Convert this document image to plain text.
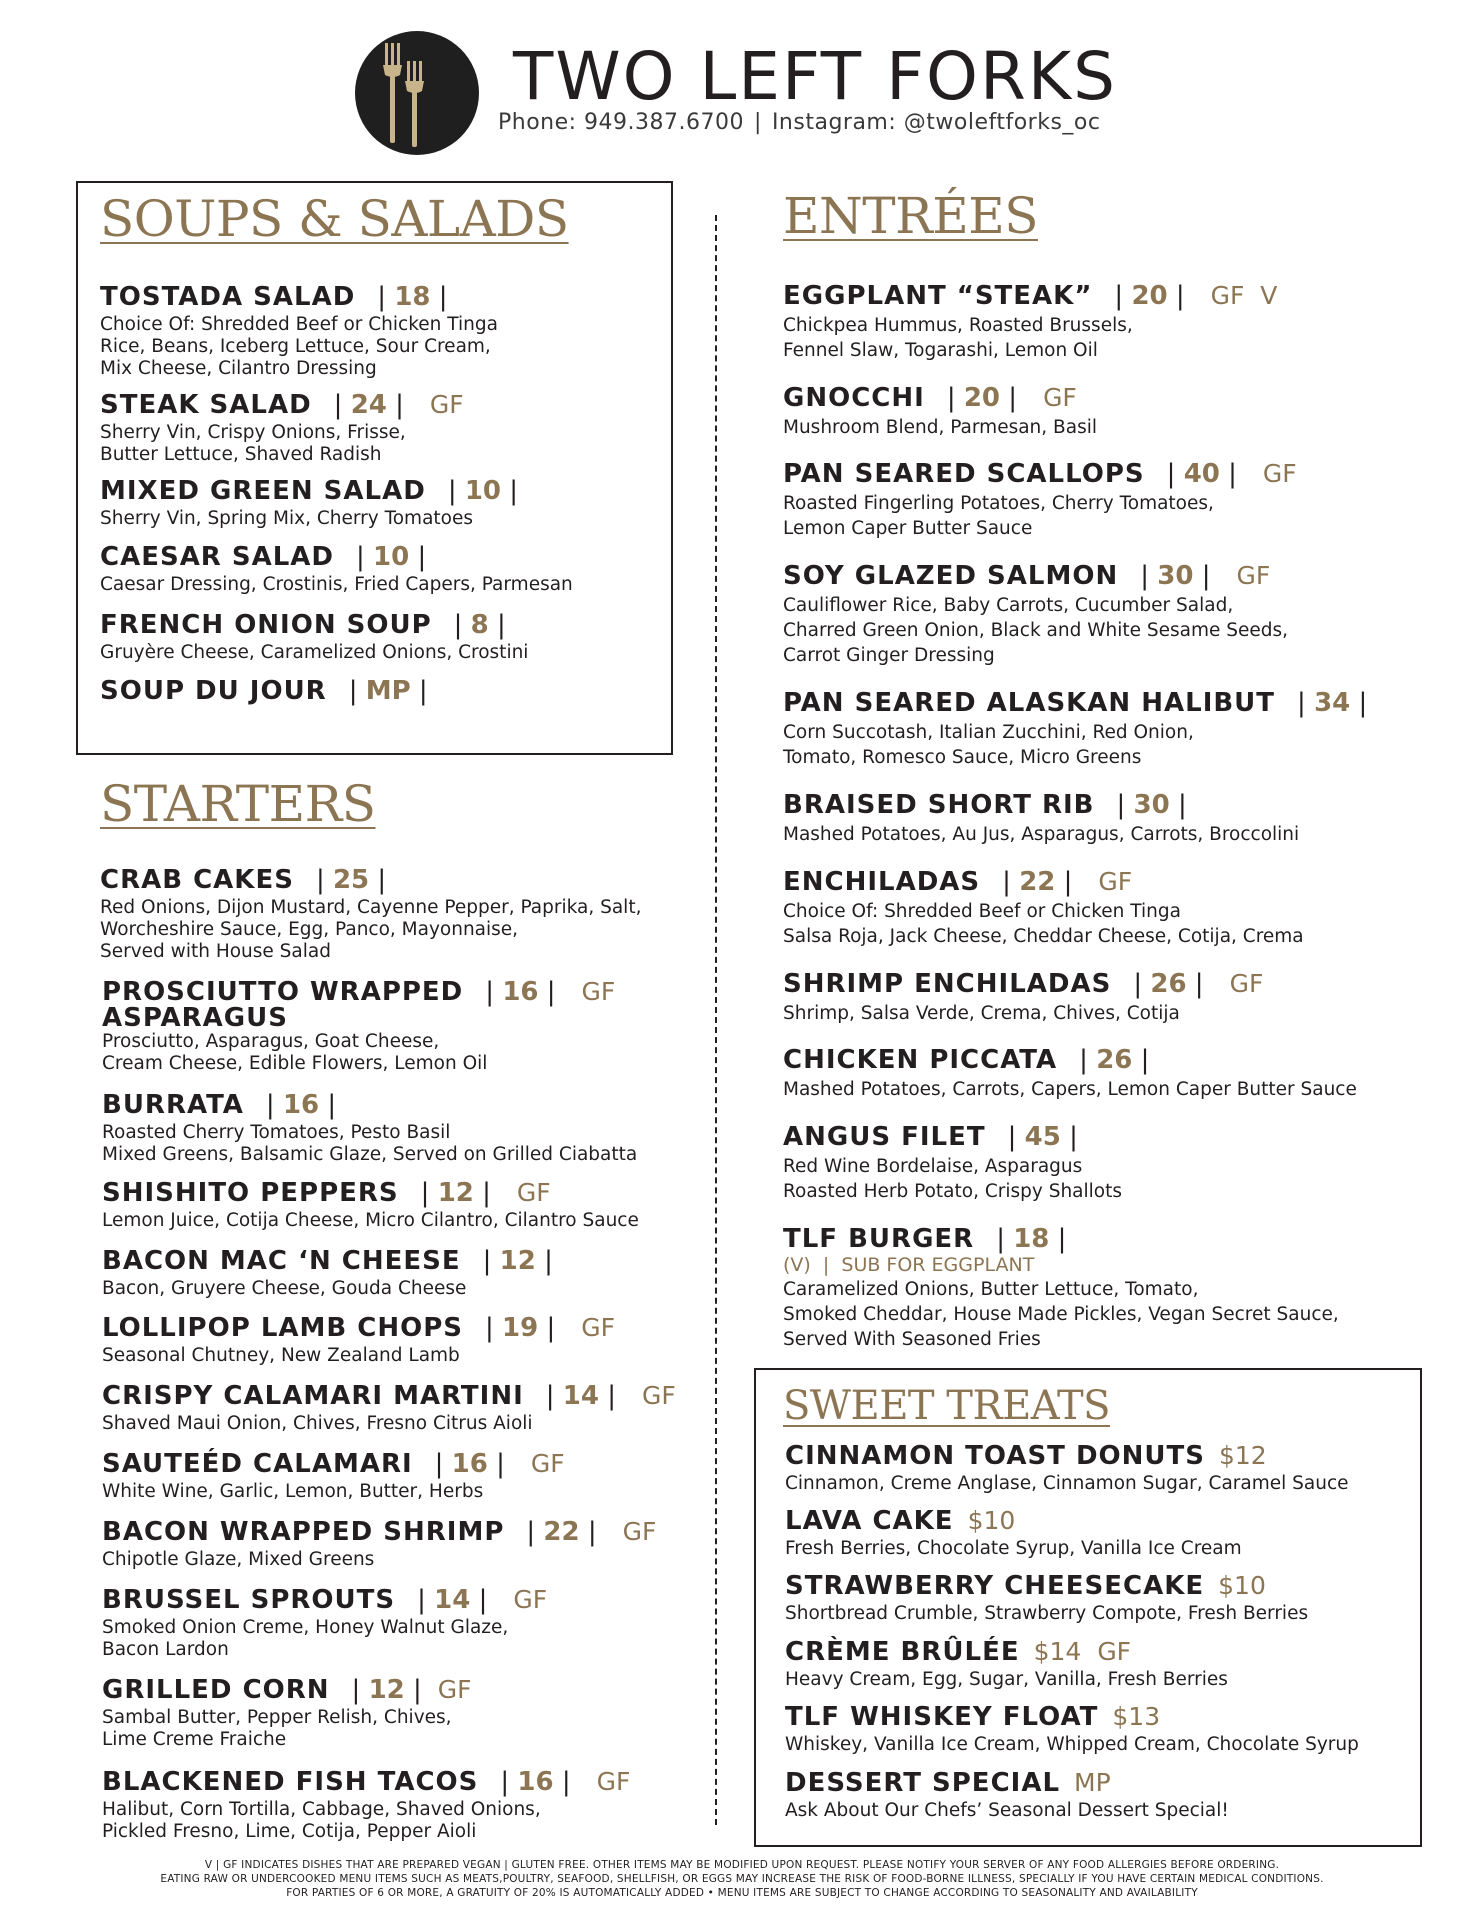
TWO LEFT FORKS
Phone: 949.387.6700 | Instagram: @twoleftforks_oc
SOUPS & SALADS
STARTERS
ENTRÉES
SWEET TREATS
TOSTADA SALAD | 18 |
Choice Of: Shredded Beef or Chicken Tinga
Rice, Beans, Iceberg Lettuce, Sour Cream,
Mix Cheese, Cilantro Dressing
STEAK SALAD | 24 | GF
Sherry Vin, Crispy Onions, Frisse,
Butter Lettuce, Shaved Radish
MIXED GREEN SALAD | 10 |
Sherry Vin, Spring Mix, Cherry Tomatoes
CAESAR SALAD | 10 |
Caesar Dressing, Crostinis, Fried Capers, Parmesan
FRENCH ONION SOUP | 8 |
Gruyère Cheese, Caramelized Onions, Crostini
SOUP DU JOUR | MP |
CRAB CAKES | 25 |
Red Onions, Dijon Mustard, Cayenne Pepper, Paprika, Salt,
Worcheshire Sauce, Egg, Panco, Mayonnaise,
Served with House Salad
PROSCIUTTO WRAPPED | 16 | GF
ASPARAGUS
Prosciutto, Asparagus, Goat Cheese,
Cream Cheese, Edible Flowers, Lemon Oil
BURRATA | 16 |
Roasted Cherry Tomatoes, Pesto Basil
Mixed Greens, Balsamic Glaze, Served on Grilled Ciabatta
SHISHITO PEPPERS | 12 | GF
Lemon Juice, Cotija Cheese, Micro Cilantro, Cilantro Sauce
BACON MAC ‘N CHEESE | 12 |
Bacon, Gruyere Cheese, Gouda Cheese
LOLLIPOP LAMB CHOPS | 19 | GF
Seasonal Chutney, New Zealand Lamb
CRISPY CALAMARI MARTINI | 14 | GF
Shaved Maui Onion, Chives, Fresno Citrus Aioli
SAUTEÉD CALAMARI | 16 | GF
White Wine, Garlic, Lemon, Butter, Herbs
BACON WRAPPED SHRIMP | 22 | GF
Chipotle Glaze, Mixed Greens
BRUSSEL SPROUTS | 14 | GF
Smoked Onion Creme, Honey Walnut Glaze,
Bacon Lardon
GRILLED CORN | 12 | GF
Sambal Butter, Pepper Relish, Chives,
Lime Creme Fraiche
BLACKENED FISH TACOS | 16 | GF
Halibut, Corn Tortilla, Cabbage, Shaved Onions,
Pickled Fresno, Lime, Cotija, Pepper Aioli
EGGPLANT “STEAK” | 20 | GF  V
Chickpea Hummus, Roasted Brussels,
Fennel Slaw, Togarashi, Lemon Oil
GNOCCHI | 20 | GF
Mushroom Blend, Parmesan, Basil
PAN SEARED SCALLOPS | 40 | GF
Roasted Fingerling Potatoes, Cherry Tomatoes,
Lemon Caper Butter Sauce
SOY GLAZED SALMON | 30 | GF
Cauliflower Rice, Baby Carrots, Cucumber Salad,
Charred Green Onion, Black and White Sesame Seeds,
Carrot Ginger Dressing
PAN SEARED ALASKAN HALIBUT | 34 |
Corn Succotash, Italian Zucchini, Red Onion,
Tomato, Romesco Sauce, Micro Greens
BRAISED SHORT RIB | 30 |
Mashed Potatoes, Au Jus, Asparagus, Carrots, Broccolini
ENCHILADAS | 22 | GF
Choice Of: Shredded Beef or Chicken Tinga
Salsa Roja, Jack Cheese, Cheddar Cheese, Cotija, Crema
SHRIMP ENCHILADAS | 26 | GF
Shrimp, Salsa Verde, Crema, Chives, Cotija
CHICKEN PICCATA | 26 |
Mashed Potatoes, Carrots, Capers, Lemon Caper Butter Sauce
ANGUS FILET | 45 |
Red Wine Bordelaise, Asparagus
Roasted Herb Potato, Crispy Shallots
TLF BURGER | 18 |
(V)  |  SUB FOR EGGPLANT
Caramelized Onions, Butter Lettuce, Tomato,
Smoked Cheddar, House Made Pickles, Vegan Secret Sauce,
Served With Seasoned Fries
CINNAMON TOAST DONUTS $12
Cinnamon, Creme Anglase, Cinnamon Sugar, Caramel Sauce
LAVA CAKE $10
Fresh Berries, Chocolate Syrup, Vanilla Ice Cream
STRAWBERRY CHEESECAKE $10
Shortbread Crumble, Strawberry Compote, Fresh Berries
CRÈME BRÛLÉE $14 GF
Heavy Cream, Egg, Sugar, Vanilla, Fresh Berries
TLF WHISKEY FLOAT $13
Whiskey, Vanilla Ice Cream, Whipped Cream, Chocolate Syrup
DESSERT SPECIAL MP
Ask About Our Chefs’ Seasonal Dessert Special!
V | GF INDICATES DISHES THAT ARE PREPARED VEGAN | GLUTEN FREE. OTHER ITEMS MAY BE MODIFIED UPON REQUEST. PLEASE NOTIFY YOUR SERVER OF ANY FOOD ALLERGIES BEFORE ORDERING.
EATING RAW OR UNDERCOOKED MENU ITEMS SUCH AS MEATS,POULTRY, SEAFOOD, SHELLFISH, OR EGGS MAY INCREASE THE RISK OF FOOD-BORNE ILLNESS, SPECIALLY IF YOU HAVE CERTAIN MEDICAL CONDITIONS.
FOR PARTIES OF 6 OR MORE, A GRATUITY OF 20% IS AUTOMATICALLY ADDED • MENU ITEMS ARE SUBJECT TO CHANGE ACCORDING TO SEASONALITY AND AVAILABILITY
